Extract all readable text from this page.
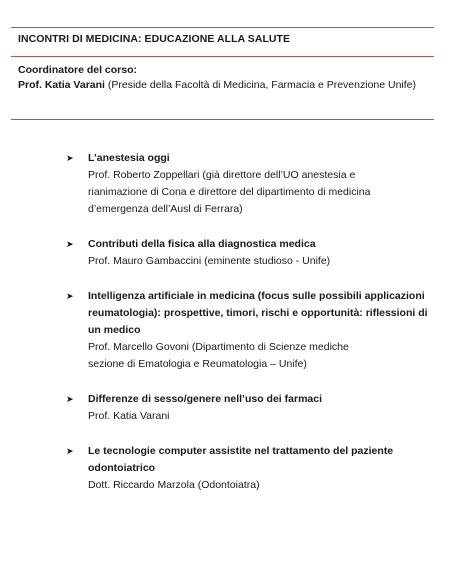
INCONTRI DI MEDICINA: EDUCAZIONE ALLA SALUTE
Coordinatore del corso:
Prof. Katia Varani (Preside della Facoltà di Medicina, Farmacia e Prevenzione Unife)
➤ L’anestesia oggi
Prof. Roberto Zoppellari (già direttore dell’UO anestesia e
rianimazione di Cona e direttore del dipartimento di medicina
d’emergenza dell’Ausl di Ferrara)
➤ Contributi della fisica alla diagnostica medica
Prof. Mauro Gambaccini (eminente studioso - Unife)
➤ Intelligenza artificiale in medicina (focus sulle possibili applicazioni reumatologia): prospettive, timori, rischi e opportunità: riflessioni di un medico
Prof. Marcello Govoni (Dipartimento di Scienze mediche
sezione di Ematologia e Reumatologia – Unife)
➤ Differenze di sesso/genere nell’uso dei farmaci
Prof. Katia Varani
➤ Le tecnologie computer assistite nel trattamento del paziente odontoiatrico
Dott. Riccardo Marzola (Odontoiatra)
